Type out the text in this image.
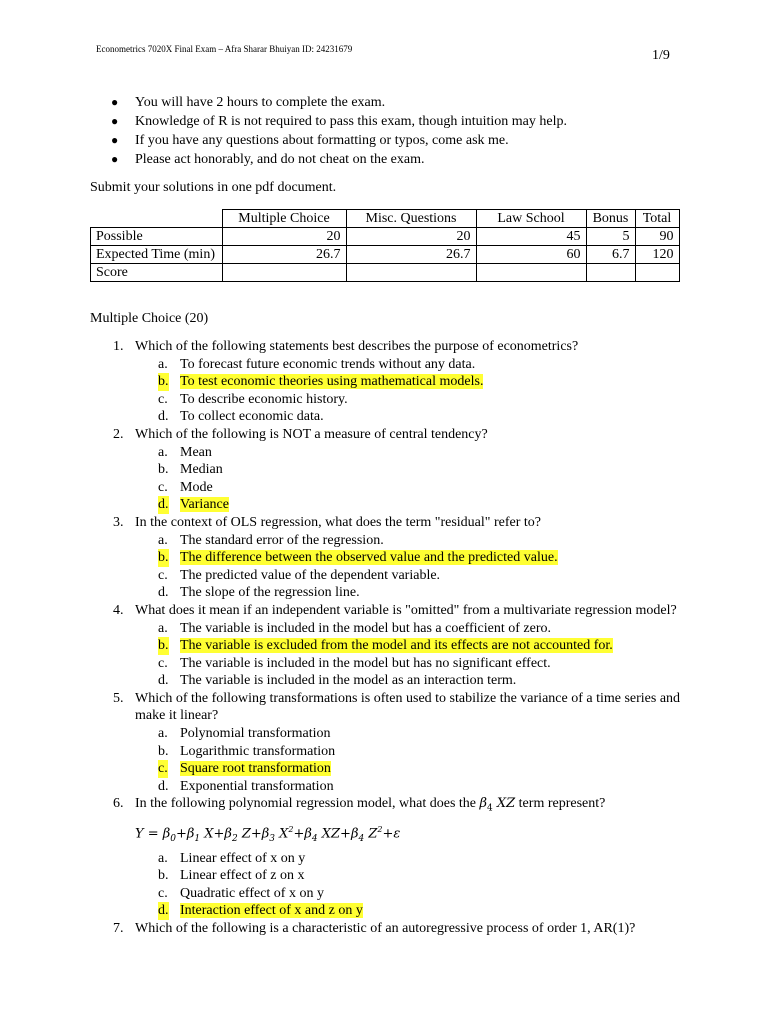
Econometrics 7020X Final Exam – Afra Sharar Bhuiyan ID: 24231679	1/9
● You will have 2 hours to complete the exam.
● Knowledge of R is not required to pass this exam, though intuition may help.
● If you have any questions about formatting or typos, come ask me.
● Please act honorably, and do not cheat on the exam.
Submit your solutions in one pdf document.
	Multiple Choice	Misc. Questions	Law School	Bonus	Total
Possible	20	20	45	5	90
Expected Time (min)	26.7	26.7	60	6.7	120
Score					
Multiple Choice (20)
1. Which of the following statements best describes the purpose of econometrics?
a. To forecast future economic trends without any data.
b. To test economic theories using mathematical models.
c. To describe economic history.
d. To collect economic data.
2. Which of the following is NOT a measure of central tendency?
a. Mean
b. Median
c. Mode
d. Variance
3. In the context of OLS regression, what does the term "residual" refer to?
a. The standard error of the regression.
b. The difference between the observed value and the predicted value.
c. The predicted value of the dependent variable.
d. The slope of the regression line.
4. What does it mean if an independent variable is "omitted" from a multivariate regression model?
a. The variable is included in the model but has a coefficient of zero.
b. The variable is excluded from the model and its effects are not accounted for.
c. The variable is included in the model but has no significant effect.
d. The variable is included in the model as an interaction term.
5. Which of the following transformations is often used to stabilize the variance of a time series and make it linear?
a. Polynomial transformation
b. Logarithmic transformation
c. Square root transformation
d. Exponential transformation
6. In the following polynomial regression model, what does the $\beta_4$ XZ term represent?
$Y = \beta_0+\beta_1$ $X+\beta_2$ $Z+\beta_3$ $X^2+\beta_4$ $XZ+\beta_4$ $Z^2+\varepsilon$
a. Linear effect of x on y
b. Linear effect of z on x
c. Quadratic effect of x on y
d. Interaction effect of x and z on y
7. Which of the following is a characteristic of an autoregressive process of order 1, AR(1)?
